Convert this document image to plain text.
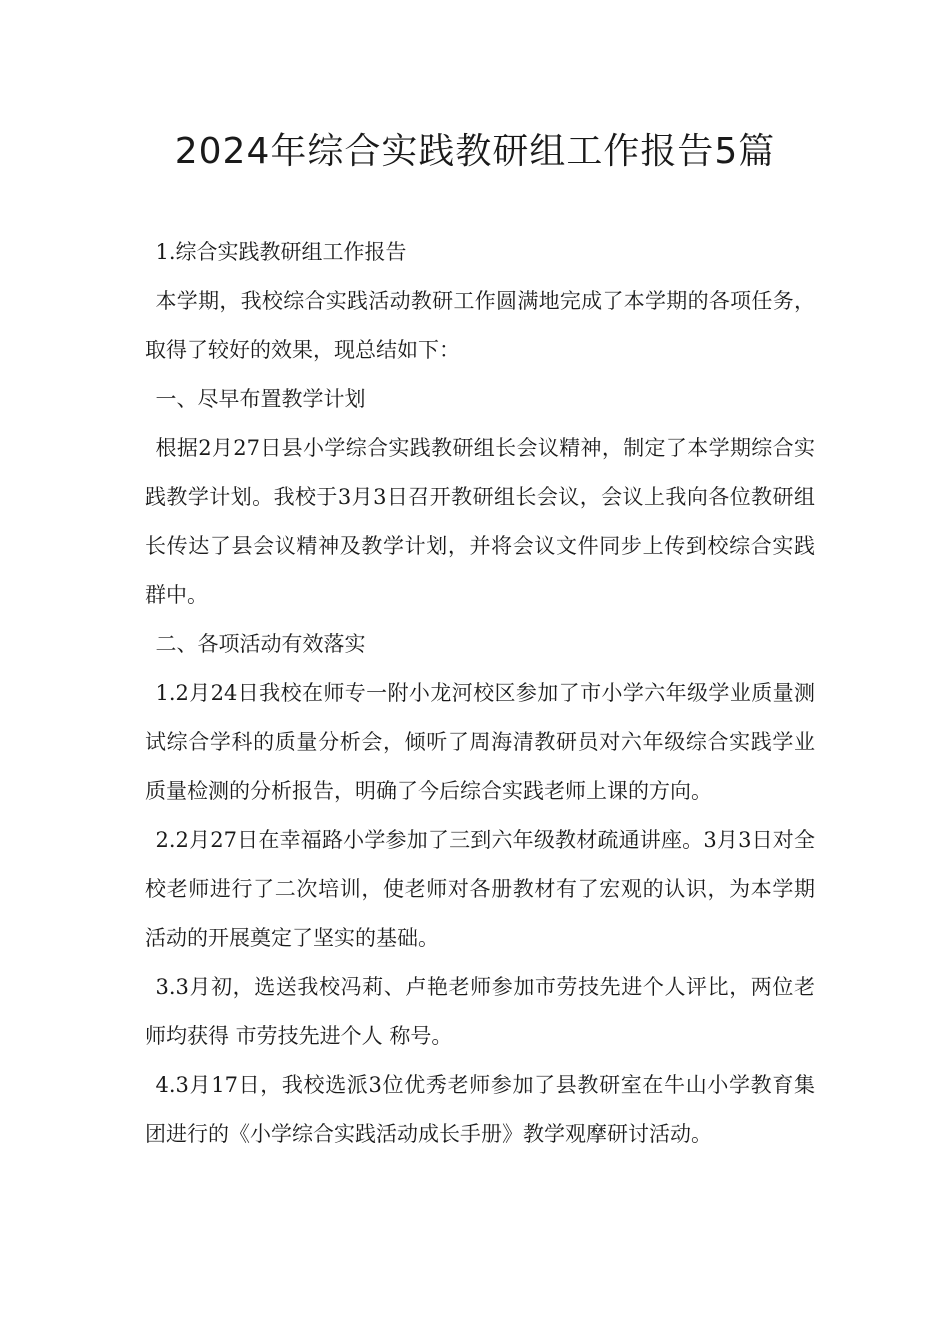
2024年综合实践教研组工作报告5篇

1.综合实践教研组工作报告

本学期，我校综合实践活动教研工作圆满地完成了本学期的各项任务，取得了较好的效果，现总结如下：

一、尽早布置教学计划

根据2月27日县小学综合实践教研组长会议精神，制定了本学期综合实践教学计划。我校于3月3日召开教研组长会议，会议上我向各位教研组长传达了县会议精神及教学计划，并将会议文件同步上传到校综合实践群中。

二、各项活动有效落实

1.2月24日我校在师专一附小龙河校区参加了市小学六年级学业质量测试综合学科的质量分析会，倾听了周海清教研员对六年级综合实践学业质量检测的分析报告，明确了今后综合实践老师上课的方向。

2.2月27日在幸福路小学参加了三到六年级教材疏通讲座。3月3日对全校老师进行了二次培训，使老师对各册教材有了宏观的认识，为本学期活动的开展奠定了坚实的基础。

3.3月初，选送我校冯莉、卢艳老师参加市劳技先进个人评比，两位老师均获得 市劳技先进个人 称号。

4.3月17日，我校选派3位优秀老师参加了县教研室在牛山小学教育集团进行的《小学综合实践活动成长手册》教学观摩研讨活动。
